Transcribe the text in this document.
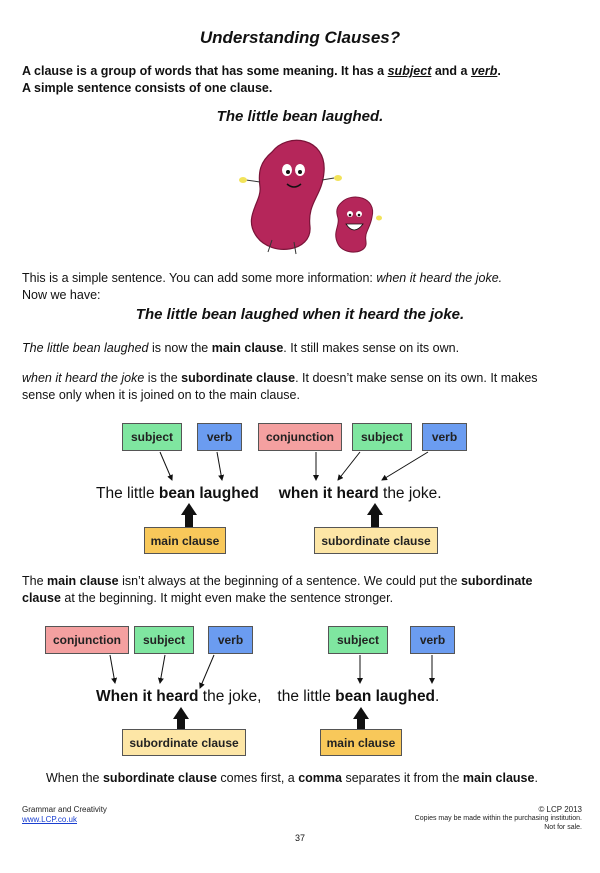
Understanding Clauses?
A clause is a group of words that has some meaning. It has a subject and a verb.
A simple sentence consists of one clause.
The little bean laughed.
This is a simple sentence. You can add some more information: when it heard the joke.
Now we have:
The little bean laughed when it heard the joke.
The little bean laughed is now the main clause. It still makes sense on its own.
when it heard the joke is the subordinate clause. It doesn’t make sense on its own. It makes
sense only when it is joined on to the main clause.
subject	verb	conjunction	subject	verb
The little bean laughed when it heard the joke.
main clause	subordinate clause
The main clause isn’t always at the beginning of a sentence. We could put the subordinate
clause at the beginning. It might even make the sentence stronger.
conjunction	subject	verb	subject	verb
When it heard the joke, the little bean laughed.
subordinate clause	main clause
When the subordinate clause comes first, a comma separates it from the main clause.
Grammar and Creativity
www.LCP.co.uk
© LCP 2013
Copies may be made within the purchasing institution.
Not for sale.
37
